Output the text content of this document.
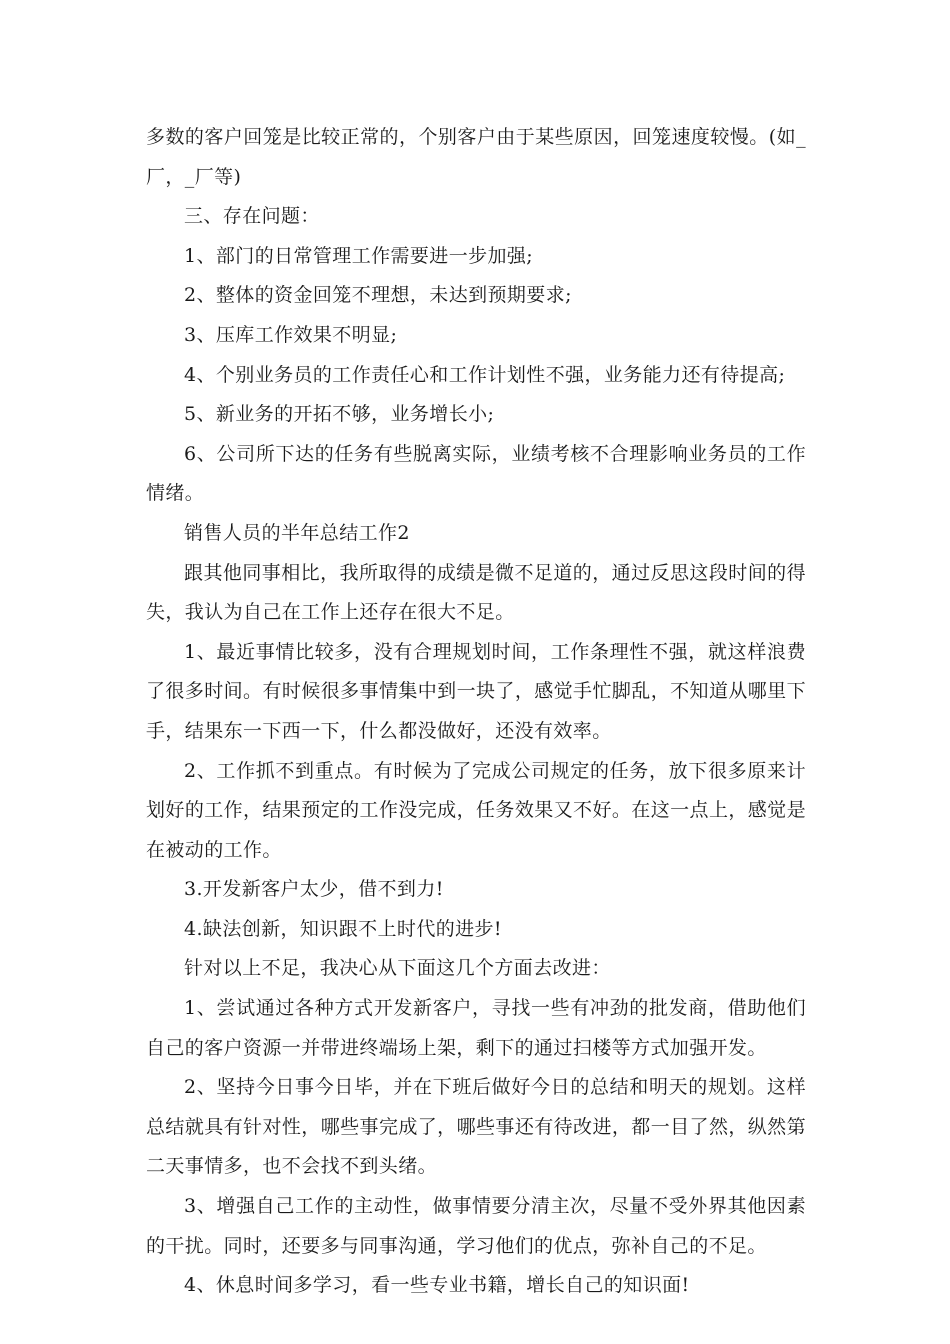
多数的客户回笼是比较正常的，个别客户由于某些原因，回笼速度较慢。(如_厂，_厂等)

三、存在问题：

1、部门的日常管理工作需要进一步加强;

2、整体的资金回笼不理想，未达到预期要求;

3、压库工作效果不明显;

4、个别业务员的工作责任心和工作计划性不强，业务能力还有待提高;

5、新业务的开拓不够，业务增长小;

6、公司所下达的任务有些脱离实际，业绩考核不合理影响业务员的工作情绪。

销售人员的半年总结工作2

跟其他同事相比，我所取得的成绩是微不足道的，通过反思这段时间的得失，我认为自己在工作上还存在很大不足。

1、最近事情比较多，没有合理规划时间，工作条理性不强，就这样浪费了很多时间。有时候很多事情集中到一块了，感觉手忙脚乱，不知道从哪里下手，结果东一下西一下，什么都没做好，还没有效率。

2、工作抓不到重点。有时候为了完成公司规定的任务，放下很多原来计划好的工作，结果预定的工作没完成，任务效果又不好。在这一点上，感觉是在被动的工作。

3.开发新客户太少，借不到力!

4.缺法创新，知识跟不上时代的进步!

针对以上不足，我决心从下面这几个方面去改进：

1、尝试通过各种方式开发新客户，寻找一些有冲劲的批发商，借助他们自己的客户资源一并带进终端场上架，剩下的通过扫楼等方式加强开发。

2、坚持今日事今日毕，并在下班后做好今日的总结和明天的规划。这样总结就具有针对性，哪些事完成了，哪些事还有待改进，都一目了然，纵然第二天事情多，也不会找不到头绪。

3、增强自己工作的主动性，做事情要分清主次，尽量不受外界其他因素的干扰。同时，还要多与同事沟通，学习他们的优点，弥补自己的不足。

4、休息时间多学习，看一些专业书籍，增长自己的知识面!
